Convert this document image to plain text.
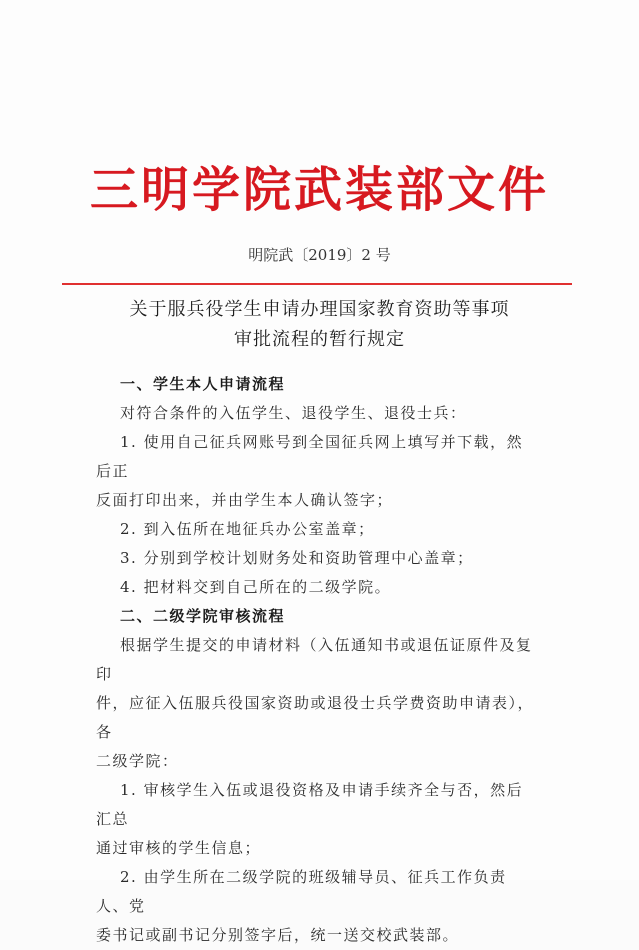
三明学院武装部文件
明院武〔2019〕2 号
关于服兵役学生申请办理国家教育资助等事项
审批流程的暂行规定

一、学生本人申请流程

对符合条件的入伍学生、退役学生、退役士兵：

1. 使用自己征兵网账号到全国征兵网上填写并下载，然后正

反面打印出来，并由学生本人确认签字；

2. 到入伍所在地征兵办公室盖章；

3. 分别到学校计划财务处和资助管理中心盖章；

4. 把材料交到自己所在的二级学院。

二、二级学院审核流程

根据学生提交的申请材料（入伍通知书或退伍证原件及复印

件，应征入伍服兵役国家资助或退役士兵学费资助申请表），各

二级学院：

1. 审核学生入伍或退役资格及申请手续齐全与否，然后汇总

通过审核的学生信息；

2. 由学生所在二级学院的班级辅导员、征兵工作负责人、党

委书记或副书记分别签字后，统一送交校武装部。
